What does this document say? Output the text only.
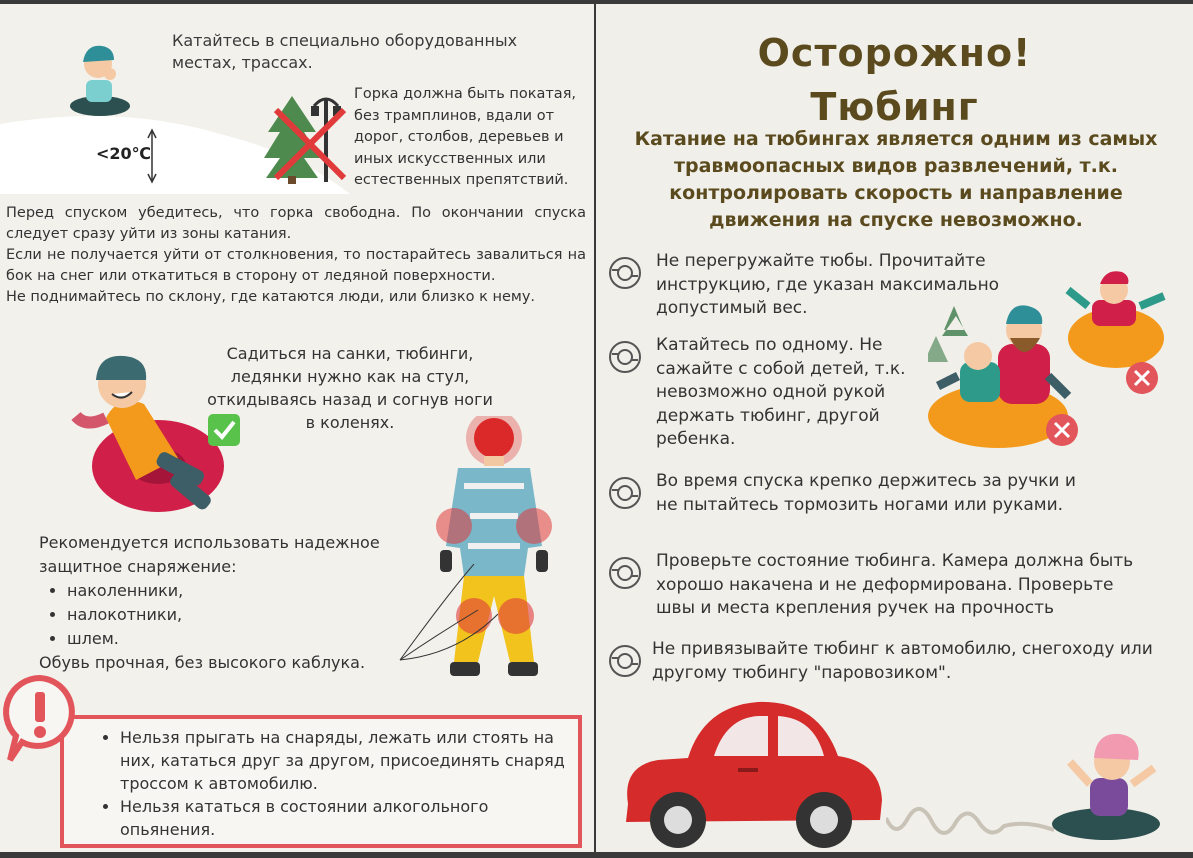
Катайтесь в специально оборудованных местах, трассах.

Горка должна быть покатая, без трамплинов, вдали от дорог, столбов, деревьев и иных искусственных или естественных препятствий.

<20℃

Перед спуском убедитесь, что горка свободна. По окончании спуска следует сразу уйти из зоны катания.

Если не получается уйти от столкновения, то постарайтесь завалиться на бок на снег или откатиться в сторону от ледяной поверхности.

Не поднимайтесь по склону, где катаются люди, или близко к нему.

Садиться на санки, тюбинги, ледянки нужно как на стул, откидываясь назад и согнув ноги в коленях.

Рекомендуется использовать надежное защитное снаряжение:
• наколенники,
• налокотники,
• шлем.
Обувь прочная, без высокого каблука.
• Нельзя прыгать на снаряды, лежать или стоять на них, кататься друг за другом, присоединять снаряд троссом к автомобилю.
• Нельзя кататься в состоянии алкогольного опьянения.
Осторожно!
Тюбинг

Катание на тюбингах является одним из самых травмоопасных видов развлечений, т.к. контролировать скорость и направление движения на спуске невозможно.

Не перегружайте тюбы. Прочитайте инструкцию, где указан максимально допустимый вес.

Катайтесь по одному. Не сажайте с собой детей, т.к. невозможно одной рукой держать тюбинг, другой ребенка.

Во время спуска крепко держитесь за ручки и не пытайтесь тормозить ногами или руками.

Проверьте состояние тюбинга. Камера должна быть хорошо накачена и не деформирована. Проверьте швы и места крепления ручек на прочность

Не привязывайте тюбинг к автомобилю, снегоходу или другому тюбингу "паровозиком".
